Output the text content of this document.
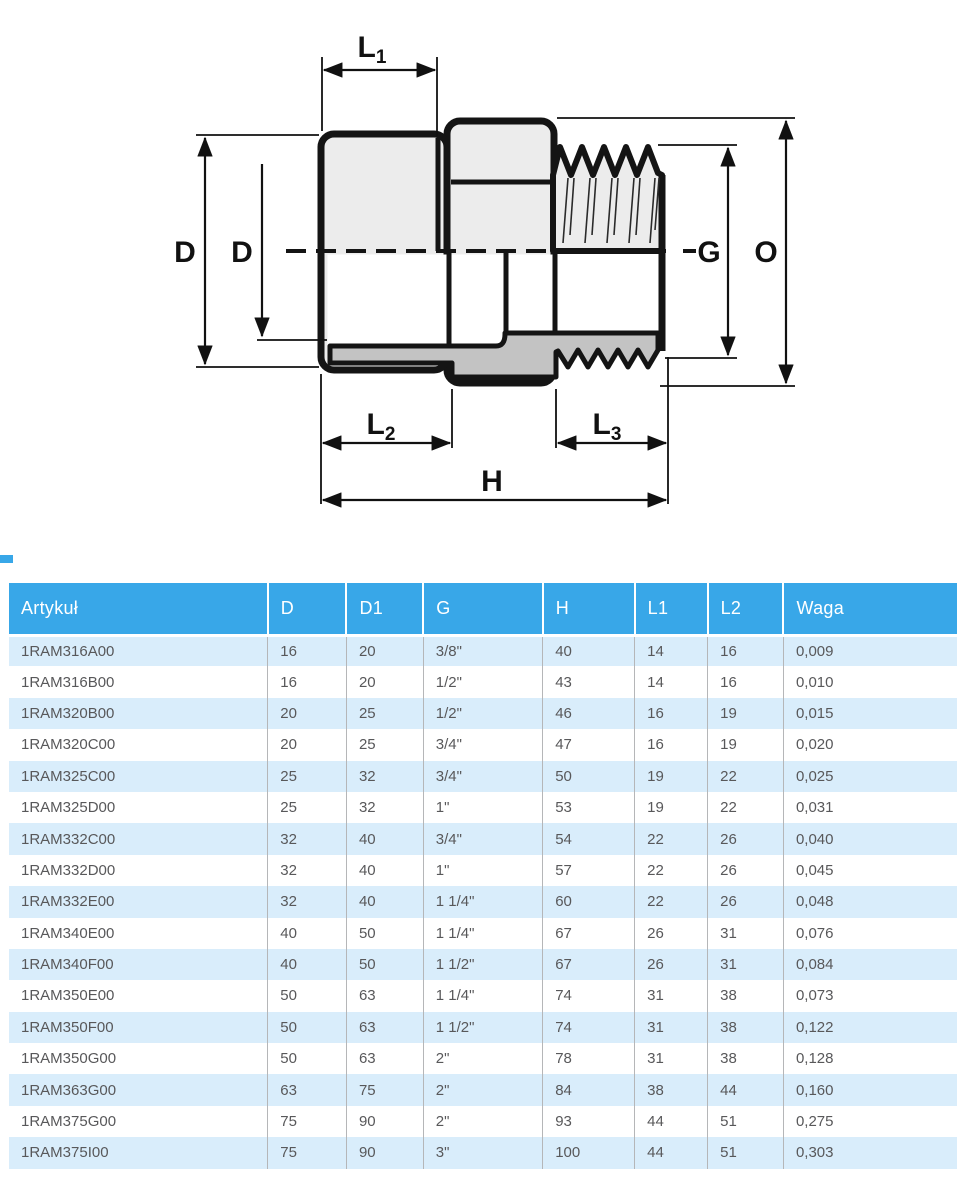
D D	G O
$L_1$
$L_2$	$L_3$
H
Artykuł	D	D1	G	H	L1	L2	Waga
1RAM316A00	16	20	3/8"	40	14	16	0,009
1RAM316B00	16	20	1/2"	43	14	16	0,010
1RAM320B00	20	25	1/2"	46	16	19	0,015
1RAM320C00	20	25	3/4"	47	16	19	0,020
1RAM325C00	25	32	3/4"	50	19	22	0,025
1RAM325D00	25	32	1"	53	19	22	0,031
1RAM332C00	32	40	3/4"	54	22	26	0,040
1RAM332D00	32	40	1"	57	22	26	0,045
1RAM332E00	32	40	1 1/4"	60	22	26	0,048
1RAM340E00	40	50	1 1/4"	67	26	31	0,076
1RAM340F00	40	50	1 1/2"	67	26	31	0,084
1RAM350E00	50	63	1 1/4"	74	31	38	0,073
1RAM350F00	50	63	1 1/2"	74	31	38	0,122
1RAM350G00	50	63	2"	78	31	38	0,128
1RAM363G00	63	75	2"	84	38	44	0,160
1RAM375G00	75	90	2"	93	44	51	0,275
1RAM375I00	75	90	3"	100	44	51	0,303
